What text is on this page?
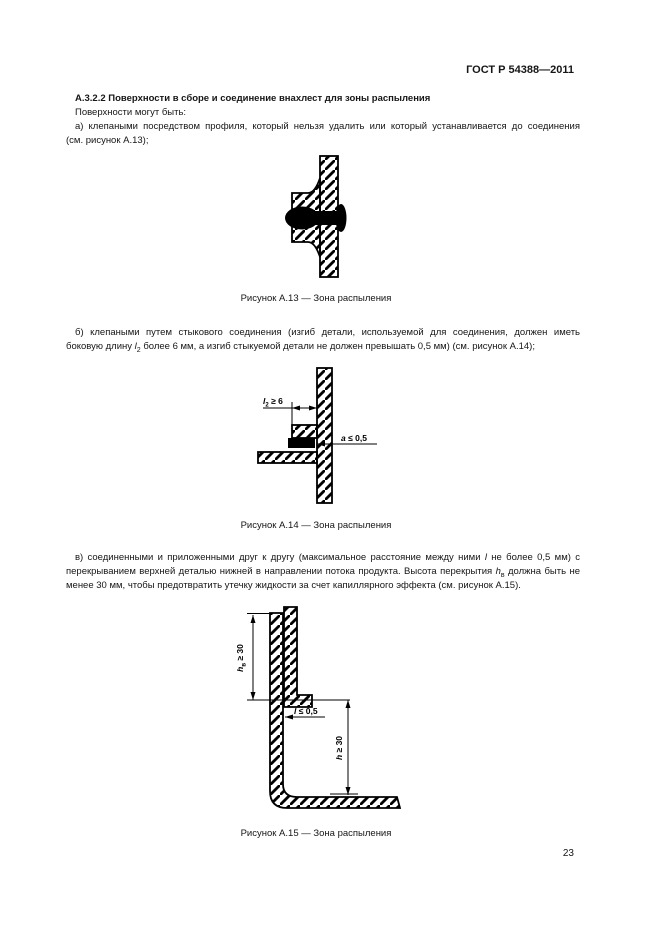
ГОСТ Р 54388—2011
А.3.2.2 Поверхности в сборе и соединение внахлест для зоны распыления
Поверхности могут быть:
а) клепаными посредством профиля, который нельзя удалить или который устанавливается до соединения
(см. рисунок А.13);
Рисунок А.13 — Зона распыления
б) клепаными путем стыкового соединения (изгиб детали, используемой для соединения, должен иметь
боковую длину $l_2$ более 6 мм, а изгиб стыкуемой детали не должен превышать 0,5 мм) (см. рисунок А.14);
$l_2 \ge 6$
a ≤ 0,5
Рисунок А.14 — Зона распыления
в) соединенными и приложенными друг к другу (максимальное расстояние между ними l не более 0,5 мм) с
перекрыванием верхней деталью нижней в направлении потока продукта. Высота перекрытия $h_в$ должна быть не
менее 30 мм, чтобы предотвратить утечку жидкости за счет капиллярного эффекта (см. рисунок А.15).
$h_в \ge 30$
l ≤ 0,5
h ≥ 30
Рисунок А.15 — Зона распыления
23
